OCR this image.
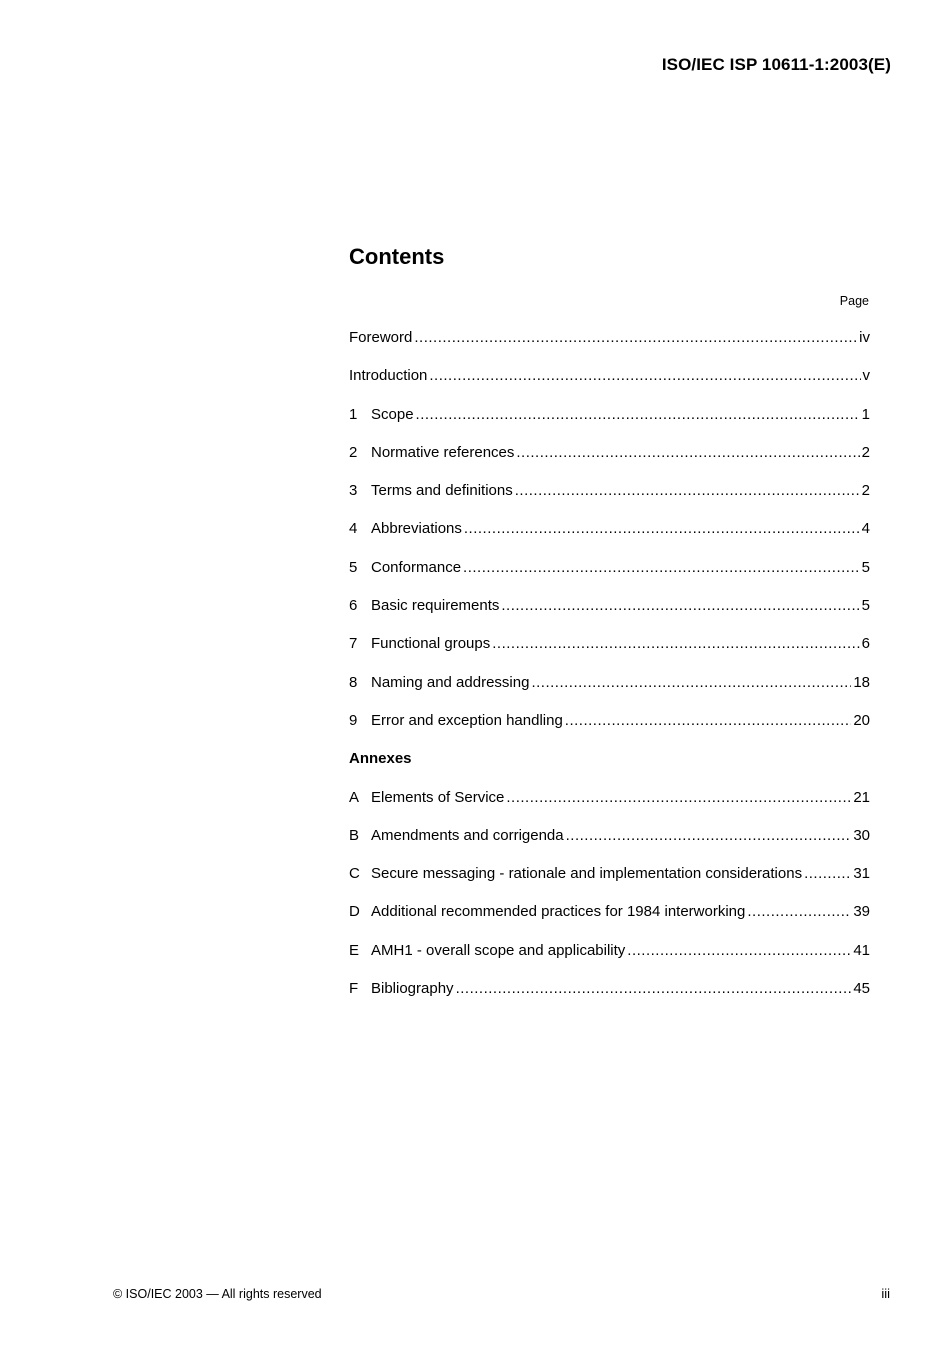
ISO/IEC ISP 10611-1:2003(E)
Contents
Page
Foreword .....	iv
Introduction .....	v
1 Scope .....	1
2 Normative references .....	2
3 Terms and definitions .....	2
4 Abbreviations .....	4
5 Conformance .....	5
6 Basic requirements .....	5
7 Functional groups .....	6
8 Naming and addressing .....	18
9 Error and exception handling .....	20
Annexes
A Elements of Service .....	21
B Amendments and corrigenda .....	30
C Secure messaging - rationale and implementation considerations .....	31
D Additional recommended practices for 1984 interworking .....	39
E AMH1 - overall scope and applicability .....	41
F Bibliography .....	45
© ISO/IEC 2003 — All rights reserved	iii
